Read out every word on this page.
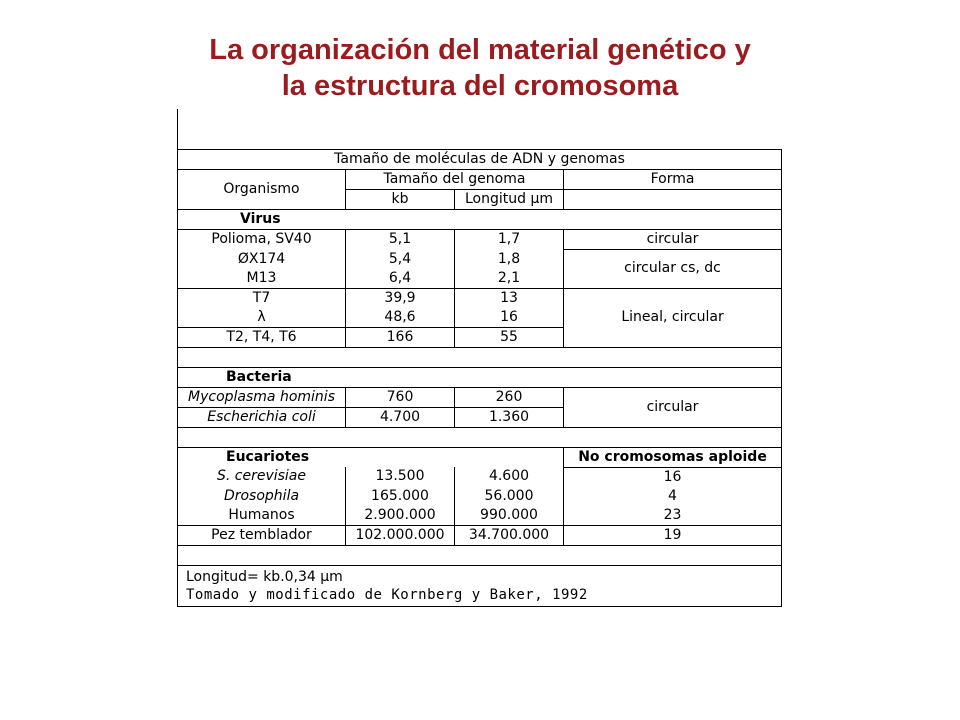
La organización del material genético y
la estructura del cromosoma
Tamaño de moléculas de ADN y genomas			
Organismo	Tamaño del genoma		Forma
	kb	Longitud µm	
Virus			
Polioma, SV40	5,1	1,7	circular
ØX174	5,4	1,8	circular cs, dc
M13	6,4	2,1	
T7	39,9	13	Lineal, circular
λ	48,6	16	
T2, T4, T6	166	55	

Bacteria			
Mycoplasma hominis	760	260	circular
Escherichia coli	4.700	1.360	

Eucariotes			No cromosomas aploide
S. cerevisiae	13.500	4.600	16
Drosophila	165.000	56.000	4
Humanos	2.900.000	990.000	23
Pez temblador	102.000.000	34.700.000	19

Longitud= kb.0,34 µm
Tomado y modificado de Kornberg y Baker, 1992			
